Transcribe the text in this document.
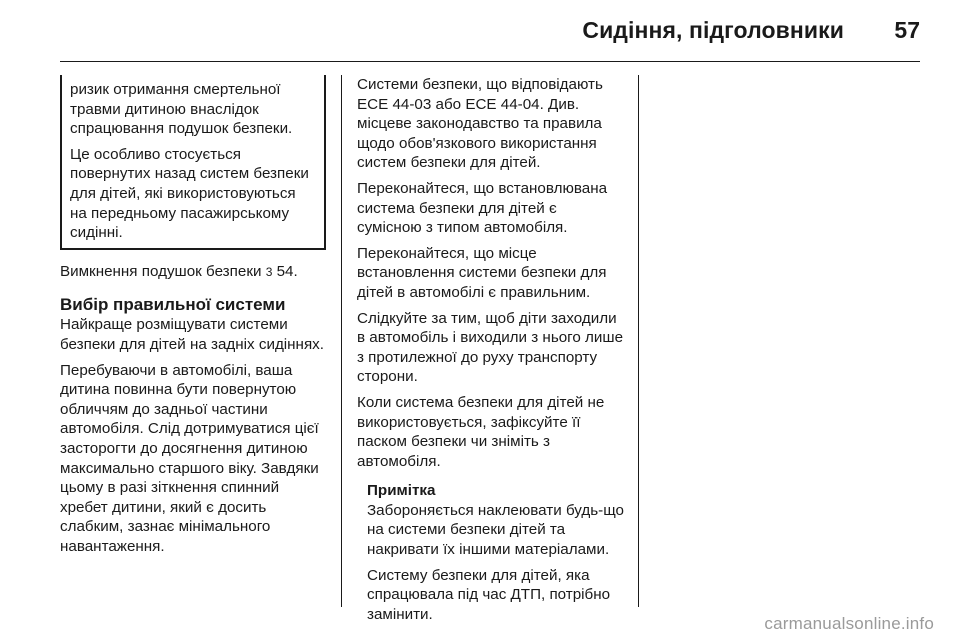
Сидіння, підголовники 57

ризик отримання смертельної травми дитиною внаслідок спрацювання подушок безпеки.

Це особливо стосується повернутих назад систем безпеки для дітей, які використовуються на передньому пасажирському сидінні.

Вимкнення подушок безпеки 3 54.

Вибір правильної системи

Найкраще розміщувати системи безпеки для дітей на задніх сидіннях.

Перебуваючи в автомобілі, ваша дитина повинна бути повернутою обличчям до задньої частини автомобіля. Слід дотримуватися цієї засторогти до досягнення дитиною максимально старшого віку. Завдяки цьому в разі зіткнення спинний хребет дитини, який є досить слабким, зазнає мінімального навантаження.

Системи безпеки, що відповідають ECE 44-03 або ECE 44-04. Див. місцеве законодавство та правила щодо обов'язкового використання систем безпеки для дітей.

Переконайтеся, що встановлювана система безпеки для дітей є сумісною з типом автомобіля.

Переконайтеся, що місце встановлення системи безпеки для дітей в автомобілі є правильним.

Слідкуйте за тим, щоб діти заходили в автомобіль і виходили з нього лише з протилежної до руху транспорту сторони.

Коли система безпеки для дітей не використовується, зафіксуйте її паском безпеки чи зніміть з автомобіля.

Примітка

Забороняється наклеювати будь-що на системи безпеки дітей та накривати їх іншими матеріалами.

Систему безпеки для дітей, яка спрацювала під час ДТП, потрібно замінити.	carmanualsonline.info
